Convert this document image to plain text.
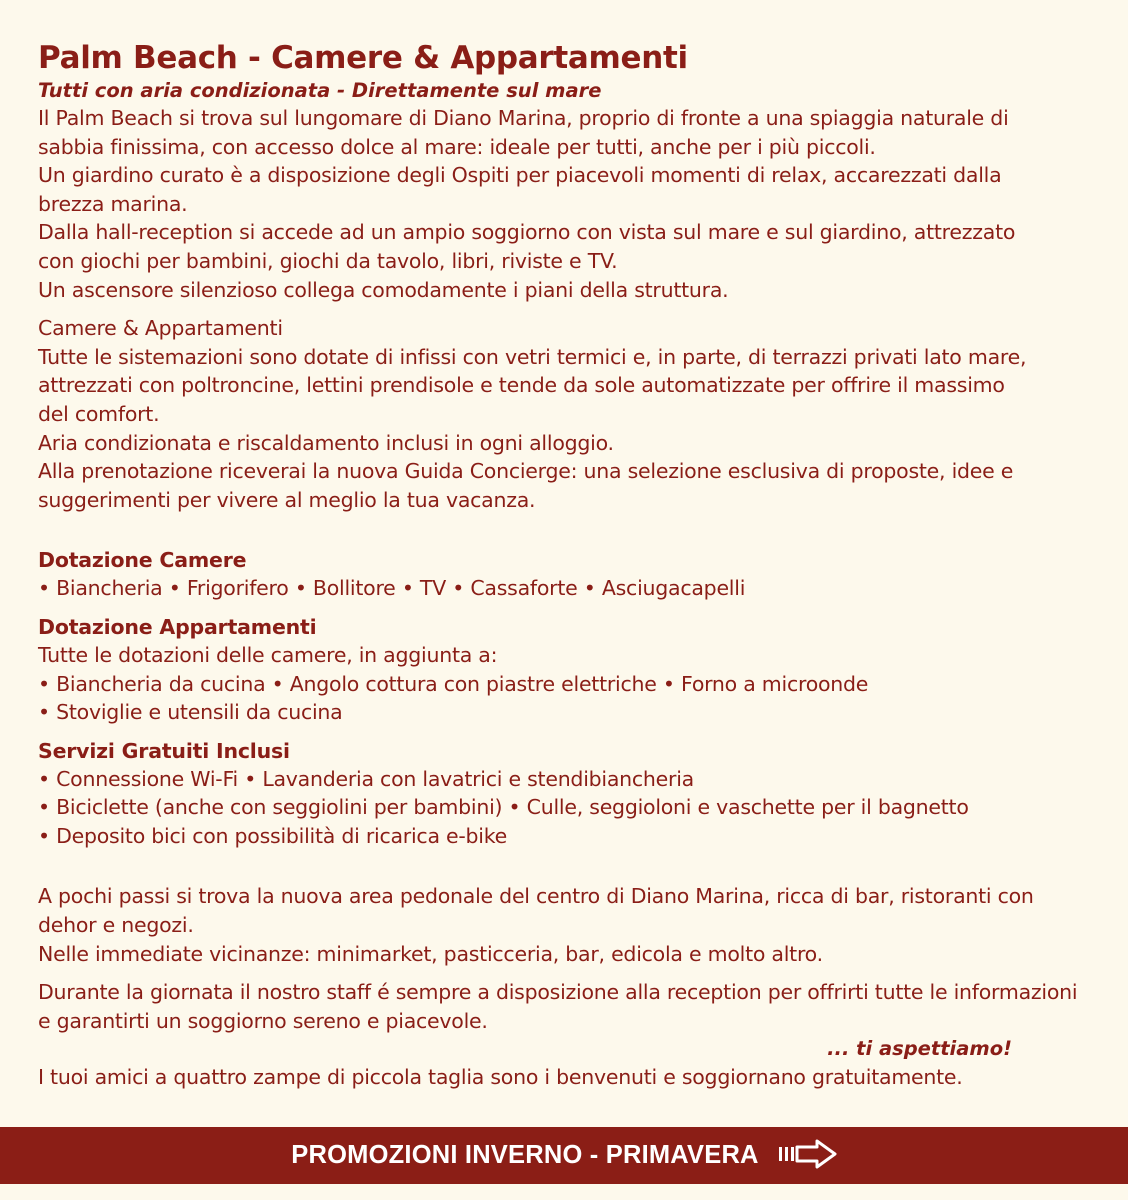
Palm Beach - Camere & Appartamenti

Tutti con aria condizionata - Direttamente sul mare

Il Palm Beach si trova sul lungomare di Diano Marina, proprio di fronte a una spiaggia naturale di
sabbia finissima, con accesso dolce al mare: ideale per tutti, anche per i più piccoli.
Un giardino curato è a disposizione degli Ospiti per piacevoli momenti di relax, accarezzati dalla
brezza marina.
Dalla hall-reception si accede ad un ampio soggiorno con vista sul mare e sul giardino, attrezzato
con giochi per bambini, giochi da tavolo, libri, riviste e TV.
Un ascensore silenzioso collega comodamente i piani della struttura.
Camere & Appartamenti
Tutte le sistemazioni sono dotate di infissi con vetri termici e, in parte, di terrazzi privati lato mare,
attrezzati con poltroncine, lettini prendisole e tende da sole automatizzate per offrire il massimo
del comfort.
Aria condizionata e riscaldamento inclusi in ogni alloggio.
Alla prenotazione riceverai la nuova Guida Concierge: una selezione esclusiva di proposte, idee e
suggerimenti per vivere al meglio la tua vacanza.
Dotazione Camere
• Biancheria • Frigorifero • Bollitore • TV • Cassaforte • Asciugacapelli
Dotazione Appartamenti
Tutte le dotazioni delle camere, in aggiunta a:
• Biancheria da cucina • Angolo cottura con piastre elettriche • Forno a microonde
• Stoviglie e utensili da cucina
Servizi Gratuiti Inclusi
• Connessione Wi-Fi • Lavanderia con lavatrici e stendibiancheria
• Biciclette (anche con seggiolini per bambini) • Culle, seggioloni e vaschette per il bagnetto
• Deposito bici con possibilità di ricarica e-bike
A pochi passi si trova la nuova area pedonale del centro di Diano Marina, ricca di bar, ristoranti con
dehor e negozi.
Nelle immediate vicinanze: minimarket, pasticceria, bar, edicola e molto altro.
Durante la giornata il nostro staff é sempre a disposizione alla reception per offrirti tutte le informazioni
e garantirti un soggiorno sereno e piacevole.

... ti aspettiamo!

I tuoi amici a quattro zampe di piccola taglia sono i benvenuti e soggiornano gratuitamente.

PROMOZIONI INVERNO - PRIMAVERA
